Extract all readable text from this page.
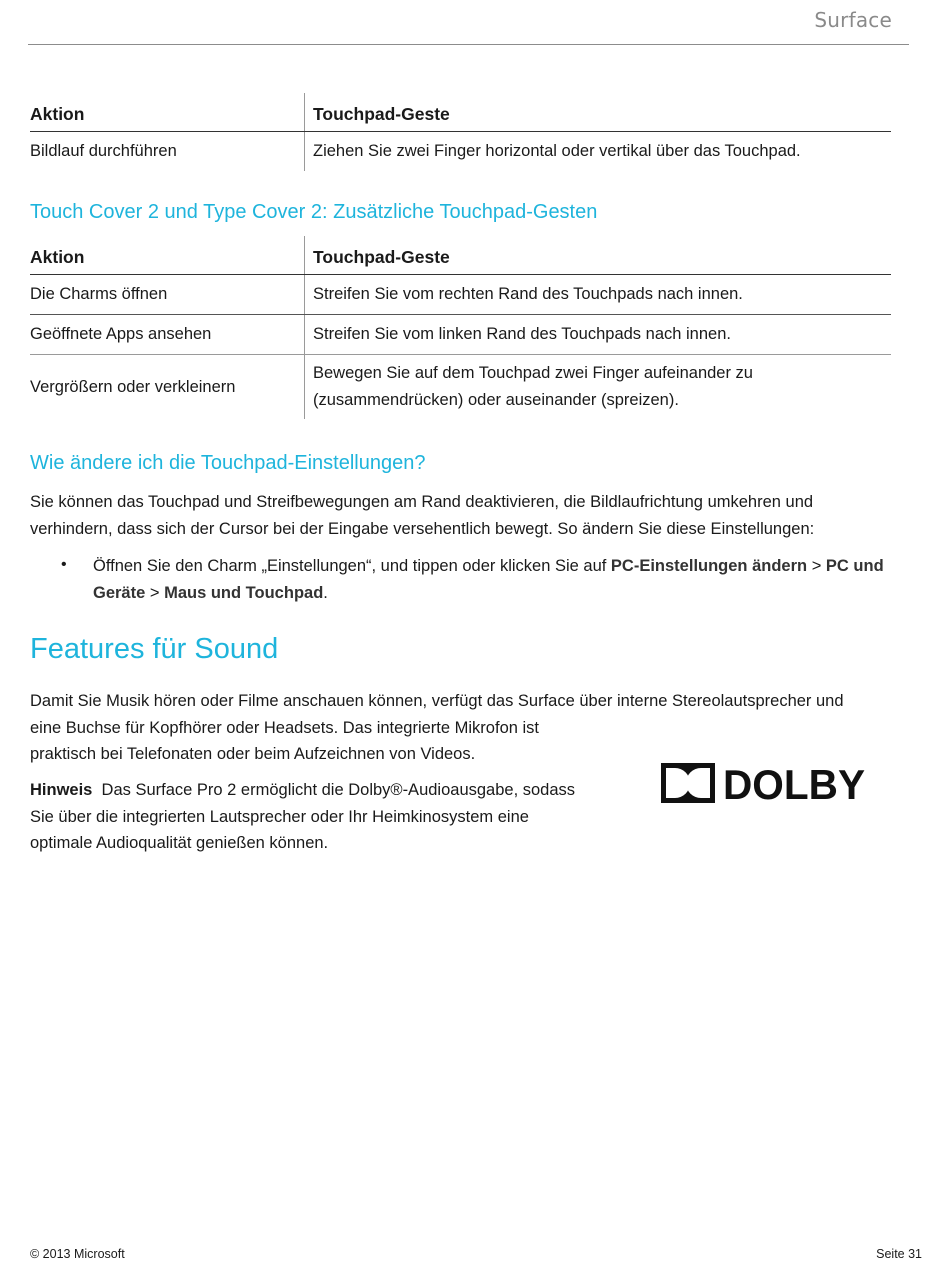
Surface
Aktion	Touchpad-Geste
Bildlauf durchführen	Ziehen Sie zwei Finger horizontal oder vertikal über das Touchpad.
Touch Cover 2 und Type Cover 2: Zusätzliche Touchpad-Gesten
Aktion	Touchpad-Geste
Die Charms öffnen	Streifen Sie vom rechten Rand des Touchpads nach innen.
Geöffnete Apps ansehen	Streifen Sie vom linken Rand des Touchpads nach innen.
Vergrößern oder verkleinern	Bewegen Sie auf dem Touchpad zwei Finger aufeinander zu (zusammendrücken) oder auseinander (spreizen).
Wie ändere ich die Touchpad-Einstellungen?

Sie können das Touchpad und Streifbewegungen am Rand deaktivieren, die Bildlaufrichtung umkehren und verhindern, dass sich der Cursor bei der Eingabe versehentlich bewegt. So ändern Sie diese Einstellungen:

• Öffnen Sie den Charm „Einstellungen“, und tippen oder klicken Sie auf PC-Einstellungen ändern > PC und Geräte > Maus und Touchpad.

Features für Sound

Damit Sie Musik hören oder Filme anschauen können, verfügt das Surface über interne Stereolautsprecher und
eine Buchse für Kopfhörer oder Headsets. Das integrierte Mikrofon ist
praktisch bei Telefonaten oder beim Aufzeichnen von Videos.

Hinweis Das Surface Pro 2 ermöglicht die Dolby®-Audioausgabe, sodass
Sie über die integrierten Lautsprecher oder Ihr Heimkinosystem eine
optimale Audioqualität genießen können.

DOLBY
© 2013 Microsoft	Seite 31
